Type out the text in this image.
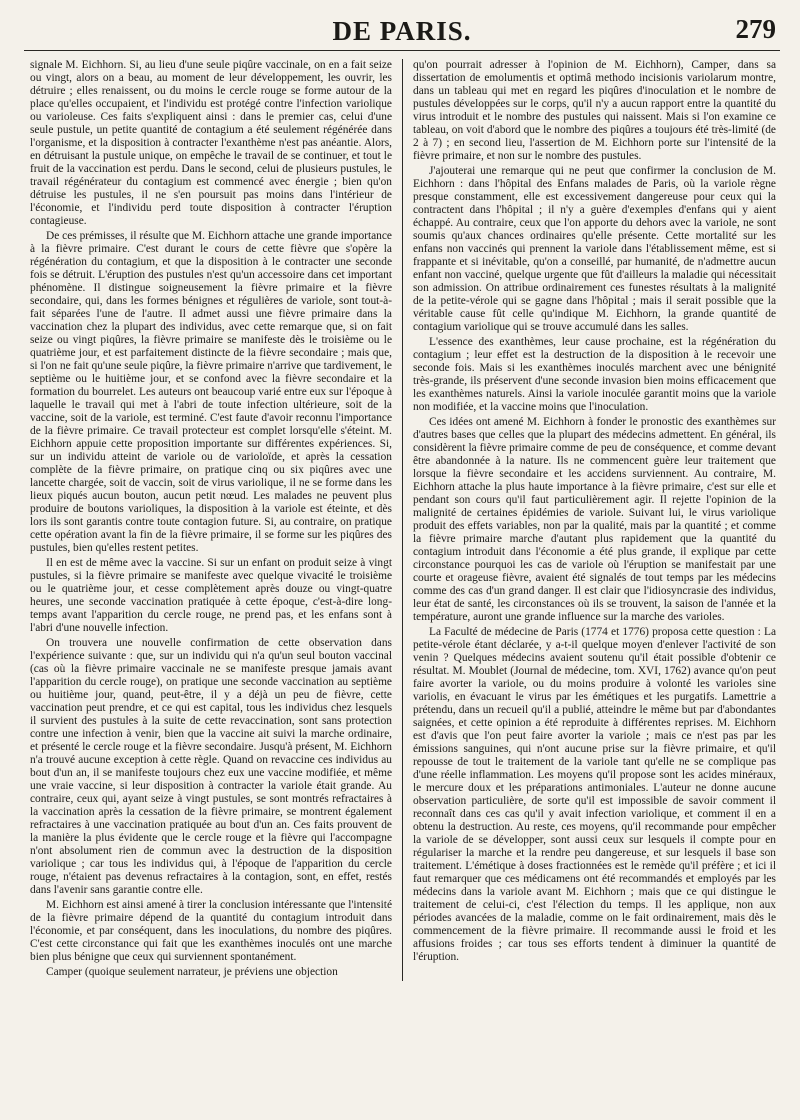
DE PARIS.	279

signale M. Eichhorn. Si, au lieu d'une seule piqûre vaccinale, on en a fait seize ou vingt, alors on a beau, au moment de leur développement, les ouvrir, les détruire ; elles renaissent, ou du moins le cercle rouge se forme autour de la place qu'elles occupaient, et l'individu est protégé contre l'infection variolique ou varioleuse. Ces faits s'expliquent ainsi : dans le premier cas, celui d'une seule pustule, un petite quantité de contagium a été seulement régénérée dans l'organisme, et la disposition à contracter l'exanthème n'est pas anéantie. Alors, en détruisant la pustule unique, on empêche le travail de se continuer, et tout le fruit de la vaccination est perdu. Dans le second, celui de plusieurs pustules, le travail régénérateur du contagium est commencé avec énergie ; bien qu'on détruise les pustules, il ne s'en poursuit pas moins dans l'intérieur de l'économie, et l'individu perd toute disposition à contracter l'éruption contagieuse.

De ces prémisses, il résulte que M. Eichhorn attache une grande importance à la fièvre primaire. C'est durant le cours de cette fièvre que s'opère la régénération du contagium, et que la disposition à le contracter une seconde fois se détruit. L'éruption des pustules n'est qu'un accessoire dans cet important phénomène. Il distingue soigneusement la fièvre primaire et la fièvre secondaire, qui, dans les formes bénignes et régulières de variole, sont tout-à-fait séparées l'une de l'autre. Il admet aussi une fièvre primaire dans la vaccination chez la plupart des individus, avec cette remarque que, si on fait seize ou vingt piqûres, la fièvre primaire se manifeste dès le troisième ou le quatrième jour, et est parfaitement distincte de la fièvre secondaire ; mais que, si l'on ne fait qu'une seule piqûre, la fièvre primaire n'arrive que tardivement, le septième ou le huitième jour, et se confond avec la fièvre secondaire et la formation du bourrelet. Les auteurs ont beaucoup varié entre eux sur l'époque à laquelle le travail qui met à l'abri de toute infection ultérieure, soit de la vaccine, soit de la variole, est terminé. C'est faute d'avoir reconnu l'importance de la fièvre primaire. Ce travail protecteur est complet lorsqu'elle s'éteint. M. Eichhorn appuie cette proposition importante sur différentes expériences. Si, sur un individu atteint de variole ou de varioloïde, et après la cessation complète de la fièvre primaire, on pratique cinq ou six piqûres avec une lancette chargée, soit de vaccin, soit de virus variolique, il ne se forme dans les lieux piqués aucun bouton, aucun petit nœud. Les malades ne peuvent plus produire de boutons varioliques, la disposition à la variole est éteinte, et dès lors ils sont garantis contre toute contagion future. Si, au contraire, on pratique cette opération avant la fin de la fièvre primaire, il se forme sur les piqûres des pustules, bien qu'elles restent petites.

Il en est de même avec la vaccine. Si sur un enfant on produit seize à vingt pustules, si la fièvre primaire se manifeste avec quelque vivacité le troisième ou le quatrième jour, et cesse complètement après douze ou vingt-quatre heures, une seconde vaccination pratiquée à cette époque, c'est-à-dire long-temps avant l'apparition du cercle rouge, ne prend pas, et les enfans sont à l'abri d'une nouvelle infection.

On trouvera une nouvelle confirmation de cette observation dans l'expérience suivante : que, sur un individu qui n'a qu'un seul bouton vaccinal (cas où la fièvre primaire vaccinale ne se manifeste presque jamais avant l'apparition du cercle rouge), on pratique une seconde vaccination au septième ou huitième jour, quand, peut-être, il y a déjà un peu de fièvre, cette vaccination peut prendre, et ce qui est capital, tous les individus chez lesquels il survient des pustules à la suite de cette revaccination, sont sans protection contre une infection à venir, bien que la vaccine ait suivi la marche ordinaire, et présenté le cercle rouge et la fièvre secondaire. Jusqu'à présent, M. Eichhorn n'a trouvé aucune exception à cette règle. Quand on revaccine ces individus au bout d'un an, il se manifeste toujours chez eux une vaccine modifiée, et même une vraie vaccine, si leur disposition à contracter la variole était grande. Au contraire, ceux qui, ayant seize à vingt pustules, se sont montrés refractaires à la vaccination après la cessation de la fièvre primaire, se montrent également refractaires à une vaccination pratiquée au bout d'un an. Ces faits prouvent de la manière la plus évidente que le cercle rouge et la fièvre qui l'accompagne n'ont absolument rien de commun avec la destruction de la disposition variolique ; car tous les individus qui, à l'époque de l'apparition du cercle rouge, n'étaient pas devenus refractaires à la contagion, sont, en effet, restés dans l'avenir sans garantie contre elle.

M. Eichhorn est ainsi amené à tirer la conclusion intéressante que l'intensité de la fièvre primaire dépend de la quantité du contagium introduit dans l'économie, et par conséquent, dans les inoculations, du nombre des piqûres. C'est cette circonstance qui fait que les exanthèmes inoculés ont une marche bien plus bénigne que ceux qui surviennent spontanément.

Camper (quoique seulement narrateur, je préviens une objection

qu'on pourrait adresser à l'opinion de M. Eichhorn), Camper, dans sa dissertation de emolumentis et optimâ methodo incisionis variolarum montre, dans un tableau qui met en regard les piqûres d'inoculation et le nombre de pustules développées sur le corps, qu'il n'y a aucun rapport entre la quantité du virus introduit et le nombre des pustules qui naissent. Mais si l'on examine ce tableau, on voit d'abord que le nombre des piqûres a toujours été très-limité (de 2 à 7) ; en second lieu, l'assertion de M. Eichhorn porte sur l'intensité de la fièvre primaire, et non sur le nombre des pustules.

J'ajouterai une remarque qui ne peut que confirmer la conclusion de M. Eichhorn : dans l'hôpital des Enfans malades de Paris, où la variole règne presque constamment, elle est excessivement dangereuse pour ceux qui la contractent dans l'hôpital ; il n'y a guère d'exemples d'enfans qui y aient échappé. Au contraire, ceux que l'on apporte du dehors avec la variole, ne sont soumis qu'aux chances ordinaires qu'elle présente. Cette mortalité sur les enfans non vaccinés qui prennent la variole dans l'établissement même, est si frappante et si inévitable, qu'on a conseillé, par humanité, de n'admettre aucun enfant non vacciné, quelque urgente que fût d'ailleurs la maladie qui nécessitait son admission. On attribue ordinairement ces funestes résultats à la malignité de la petite-vérole qui se gagne dans l'hôpital ; mais il serait possible que la véritable cause fût celle qu'indique M. Eichhorn, la grande quantité de contagium variolique qui se trouve accumulé dans les salles.

L'essence des exanthèmes, leur cause prochaine, est la régénération du contagium ; leur effet est la destruction de la disposition à le recevoir une seconde fois. Mais si les exanthèmes inoculés marchent avec une bénignité très-grande, ils préservent d'une seconde invasion bien moins efficacement que les exanthèmes naturels. Ainsi la variole inoculée garantit moins que la variole non modifiée, et la vaccine moins que l'inoculation.

Ces idées ont amené M. Eichhorn à fonder le pronostic des exanthèmes sur d'autres bases que celles que la plupart des médecins admettent. En général, ils considèrent la fièvre primaire comme de peu de conséquence, et comme devant être abandonnée à la nature. Ils ne commencent guère leur traitement que lorsque la fièvre secondaire et les accidens surviennent. Au contraire, M. Eichhorn attache la plus haute importance à la fièvre primaire, c'est sur elle et pendant son cours qu'il faut particulièrement agir. Il rejette l'opinion de la malignité de certaines épidémies de variole. Suivant lui, le virus variolique produit des effets variables, non par la qualité, mais par la quantité ; et comme la fièvre primaire marche d'autant plus rapidement que la quantité du contagium introduit dans l'économie a été plus grande, il explique par cette circonstance pourquoi les cas de variole où l'éruption se manifestait par une courte et orageuse fièvre, avaient été signalés de tout temps par les médecins comme des cas d'un grand danger. Il est clair que l'idiosyncrasie des individus, leur état de santé, les circonstances où ils se trouvent, la saison de l'année et la température, auront une grande influence sur la marche des varioles.

La Faculté de médecine de Paris (1774 et 1776) proposa cette question : La petite-vérole étant déclarée, y a-t-il quelque moyen d'enlever l'activité de son venin ? Quelques médecins avaient soutenu qu'il était possible d'obtenir ce résultat. M. Moublet (Journal de médecine, tom. XVI, 1762) avance qu'on peut faire avorter la variole, ou du moins produire à volonté les varioles sine variolis, en évacuant le virus par les émétiques et les purgatifs. Lamettrie a prétendu, dans un recueil qu'il a publié, atteindre le même but par d'abondantes saignées, et cette opinion a été reproduite à différentes reprises. M. Eichhorn est d'avis que l'on peut faire avorter la variole ; mais ce n'est pas par les émissions sanguines, qui n'ont aucune prise sur la fièvre primaire, et qu'il repousse de tout le traitement de la variole tant qu'elle ne se complique pas d'une réelle inflammation. Les moyens qu'il propose sont les acides minéraux, le mercure doux et les préparations antimoniales. L'auteur ne donne aucune observation particulière, de sorte qu'il est impossible de savoir comment il reconnaît dans ces cas qu'il y avait infection variolique, et comment il en a obtenu la destruction. Au reste, ces moyens, qu'il recommande pour empêcher la variole de se développer, sont aussi ceux sur lesquels il compte pour en régulariser la marche et la rendre peu dangereuse, et sur lesquels il base son traitement. L'émétique à doses fractionnées est le remède qu'il préfère ; et ici il faut remarquer que ces médicamens ont été recommandés et employés par les médecins dans la variole avant M. Eichhorn ; mais que ce qui distingue le traitement de celui-ci, c'est l'élection du temps. Il les applique, non aux périodes avancées de la maladie, comme on le fait ordinairement, mais dès le commencement de la fièvre primaire. Il recommande aussi le froid et les affusions froides ; car tous ses efforts tendent à diminuer la quantité de l'éruption.
